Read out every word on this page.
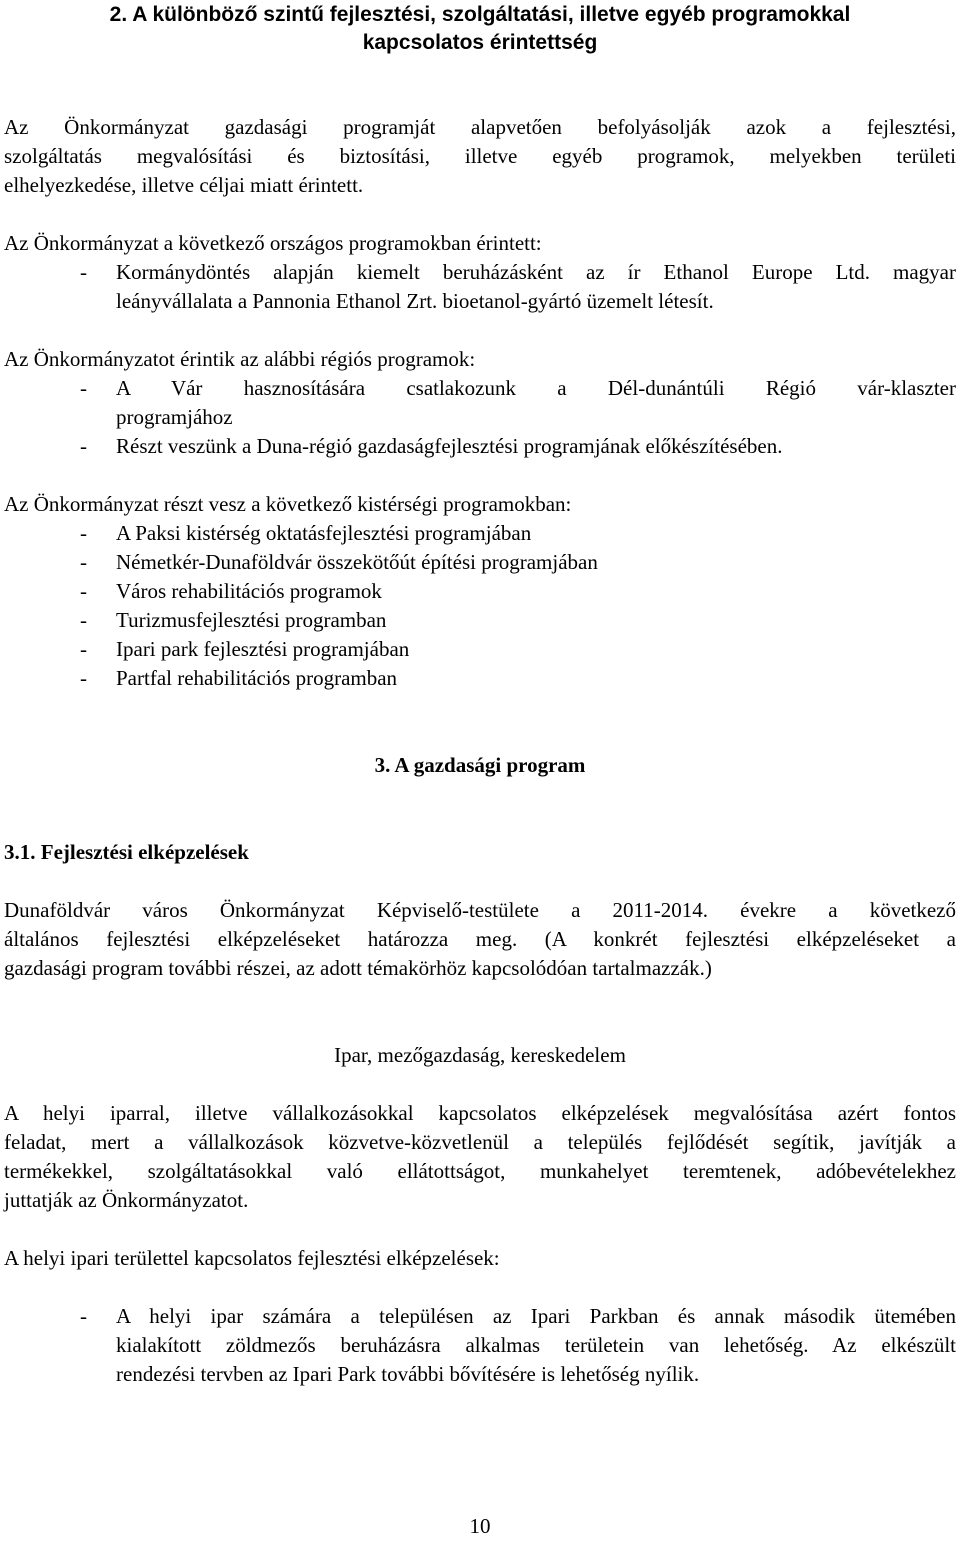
2. A különböző szintű fejlesztési, szolgáltatási, illetve egyéb programokkal
kapcsolatos érintettség
Az Önkormányzat gazdasági programját alapvetően befolyásolják azok a fejlesztési,
szolgáltatás megvalósítási és biztosítási, illetve egyéb programok, melyekben területi
elhelyezkedése, illetve céljai miatt érintett.
Az Önkormányzat a következő országos programokban érintett:
- Kormánydöntés alapján kiemelt beruházásként az ír Ethanol Europe Ltd. magyar
leányvállalata a Pannonia Ethanol Zrt. bioetanol-gyártó üzemelt létesít.
Az Önkormányzatot érintik az alábbi régiós programok:
- A Vár hasznosítására csatlakozunk a Dél-dunántúli Régió vár-klaszter
programjához
- Részt veszünk a Duna-régió gazdaságfejlesztési programjának előkészítésében.
Az Önkormányzat részt vesz a következő kistérségi programokban:
- A Paksi kistérség oktatásfejlesztési programjában
- Németkér-Dunaföldvár összekötőút építési programjában
- Város rehabilitációs programok
- Turizmusfejlesztési programban
- Ipari park fejlesztési programjában
- Partfal rehabilitációs programban
3. A gazdasági program
3.1. Fejlesztési elképzelések
Dunaföldvár város Önkormányzat Képviselő-testülete a 2011-2014. évekre a következő
általános fejlesztési elképzeléseket határozza meg. (A konkrét fejlesztési elképzeléseket a
gazdasági program további részei, az adott témakörhöz kapcsolódóan tartalmazzák.)
Ipar, mezőgazdaság, kereskedelem
A helyi iparral, illetve vállalkozásokkal kapcsolatos elképzelések megvalósítása azért fontos
feladat, mert a vállalkozások közvetve-közvetlenül a település fejlődését segítik, javítják a
termékekkel, szolgáltatásokkal való ellátottságot, munkahelyet teremtenek, adóbevételekhez
juttatják az Önkormányzatot.
A helyi ipari területtel kapcsolatos fejlesztési elképzelések:
- A helyi ipar számára a településen az Ipari Parkban és annak második ütemében
kialakított zöldmezős beruházásra alkalmas területein van lehetőség. Az elkészült
rendezési tervben az Ipari Park további bővítésére is lehetőség nyílik.
10
